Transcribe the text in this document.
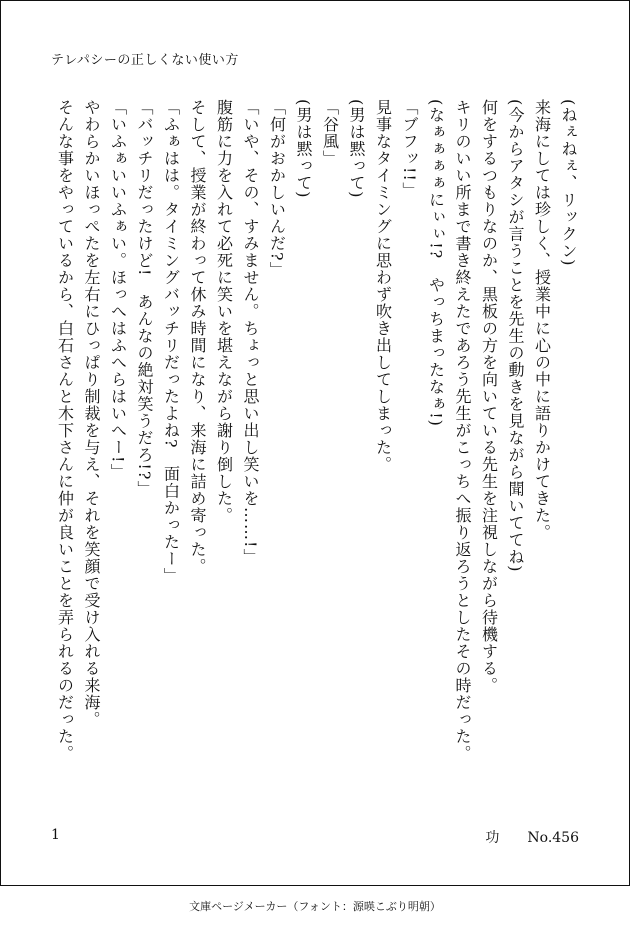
テレパシーの正しくない使い方
(ねぇねぇ、リックン)
来海にしては珍しく、授業中に心の中に語りかけてきた。
(今からアタシが言うことを先生の動きを見ながら聞いててね)
何をするつもりなのか、黒板の方を向いている先生を注視しながら待機する。
キリのいい所まで書き終えたであろう先生がこっちへ振り返ろうとしたその時だった。
(なぁぁぁぁにぃぃ!?　やっちまったなぁ!)
「ブフッ!!」
見事なタイミングに思わず吹き出してしまった。
(男は黙って)
「谷風」
(男は黙って)
「何がおかしいんだ?」
「いや、その、すみません。ちょっと思い出し笑いを……!」
腹筋に力を入れて必死に笑いを堪えながら謝り倒した。
そして、授業が終わって休み時間になり、来海に詰め寄った。
「ふぁはは。タイミングバッチリだったよね?　面白かったー」
「バッチリだったけど!　あんなの絶対笑うだろ!?」
「いふぁいいふぁい。ほっへはふへらはいへー!」
やわらかいほっぺたを左右にひっぱり制裁を与え、それを笑顔で受け入れる来海。
そんな事をやっているから、白石さんと木下さんに仲が良いことを弄られるのだった。
1	功 No.456
文庫ページメーカー（フォント：源暎こぶり明朝）
